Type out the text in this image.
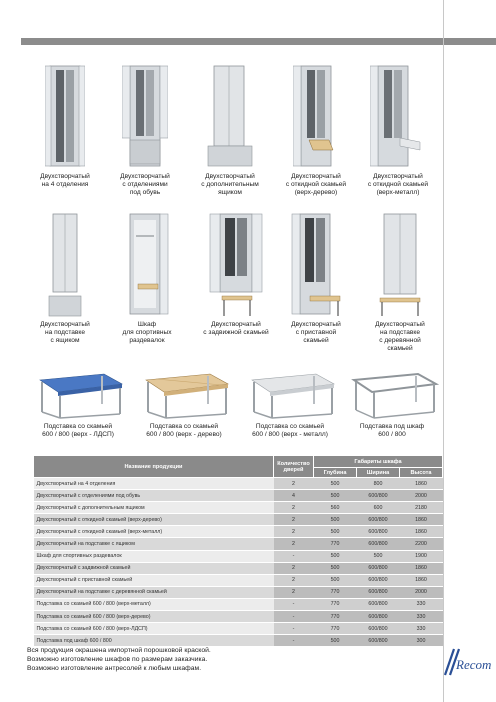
Двухстворчатый
на 4 отделения
Двухстворчатый
с отделениями
под обувь
Двухстворчатый
с дополнительным
ящиком
Двухстворчатый
с откидной скамьей
(верх-дерево)
Двухстворчатый
с откидной скамьей
(верх-металл)
Двухстворчатый
на подставке
с ящиком
Шкаф
для спортивных
раздевалок
Двухстворчатый
с задвижной скамьей
Двухстворчатый
с приставной
скамьей
Двухстворчатый
на подставке
с деревянной
скамьей
Подставка со скамьей
600 / 800 (верх - ЛДСП)
Подставка со скамьей
600 / 800 (верх - дерево)
Подставка со скамьей
600 / 800 (верх - металл)
Подставка под шкаф
600 / 800
Название продукции	Количество дверей	Габариты шкафа		
		Глубина	Ширина	Высота
Двухстворчатый на 4 отделения	2	500	800	1860
Двухстворчатый с отделениями под обувь	4	500	600/800	2000
Двухстворчатый с дополнительным ящиком	2	560	600	2180
Двухстворчатый с откидной скамьей (верх-дерево)	2	500	600/800	1860
Двухстворчатый с откидной скамьей (верх-металл)	2	500	600/800	1860
Двухстворчатый на подставке с ящиком	2	770	600/800	2200
Шкаф для спортивных раздевалок	-	500	500	1900
Двухстворчатый с задвижной скамьей	2	500	600/800	1860
Двухстворчатый с приставной скамьей	2	500	600/800	1860
Двухстворчатый на подставке с деревянной скамьей	2	770	600/800	2000
Подставка со скамьей 600 / 800 (верх-металл)	-	770	600/800	330
Подставка со скамьей 600 / 800 (верх-дерево)	-	770	600/800	330
Подставка со скамьей 600 / 800 (верх-ЛДСП)	-	770	600/800	330
Подставка под шкаф 600 / 800	-	500	600/800	300
Вся продукция окрашена импортной порошковой краской.
Возможно изготовление шкафов по размерам заказчика.
Возможно изготовление антресолей к любым шкафам.	Recom
